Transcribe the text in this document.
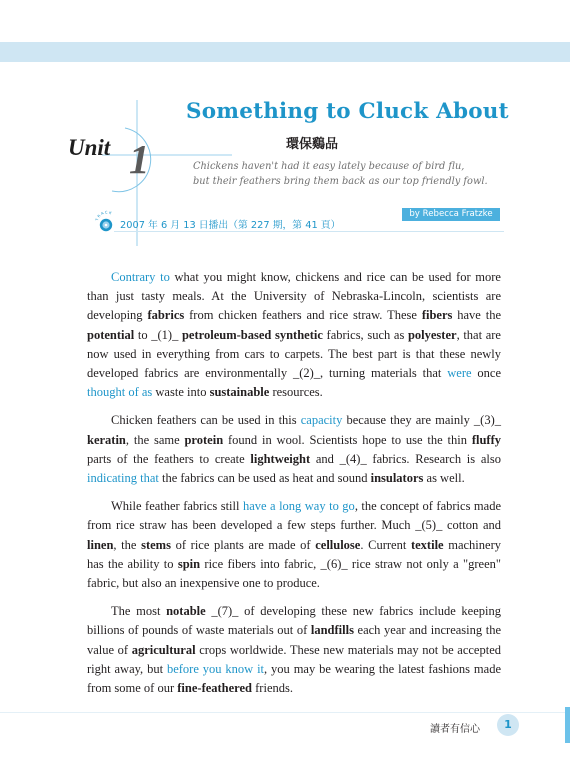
Unit 1
Something to Cluck About
環保鷄品
Chickens haven't had it easy lately because of bird flu,
but their feathers bring them back as our top friendly fowl.
by Rebecca Fratzke
T R A C K
2007 年 6 月 13 日播出（第 227 期，第 41 頁）

Contrary to what you might know, chickens and rice can be used for more than just tasty meals. At the University of Nebraska-Lincoln, scientists are developing fabrics from chicken feathers and rice straw. These fibers have the potential to _(1)_ petroleum-based synthetic fabrics, such as polyester, that are now used in everything from cars to carpets. The best part is that these newly developed fabrics are environmentally _(2)_, turning materials that were once thought of as waste into sustainable resources.

Chicken feathers can be used in this capacity because they are mainly _(3)_ keratin, the same protein found in wool. Scientists hope to use the thin fluffy parts of the feathers to create lightweight and _(4)_ fabrics. Research is also indicating that the fabrics can be used as heat and sound insulators as well.

While feather fabrics still have a long way to go, the concept of fabrics made from rice straw has been developed a few steps further. Much _(5)_ cotton and linen, the stems of rice plants are made of cellulose. Current textile machinery has the ability to spin rice fibers into fabric, _(6)_ rice straw not only a "green" fabric, but also an inexpensive one to produce.

The most notable _(7)_ of developing these new fabrics include keeping billions of pounds of waste materials out of landfills each year and increasing the value of agricultural crops worldwide. These new materials may not be accepted right away, but before you know it, you may be wearing the latest fashions made from some of our fine-feathered friends.

讀者有信心	1
